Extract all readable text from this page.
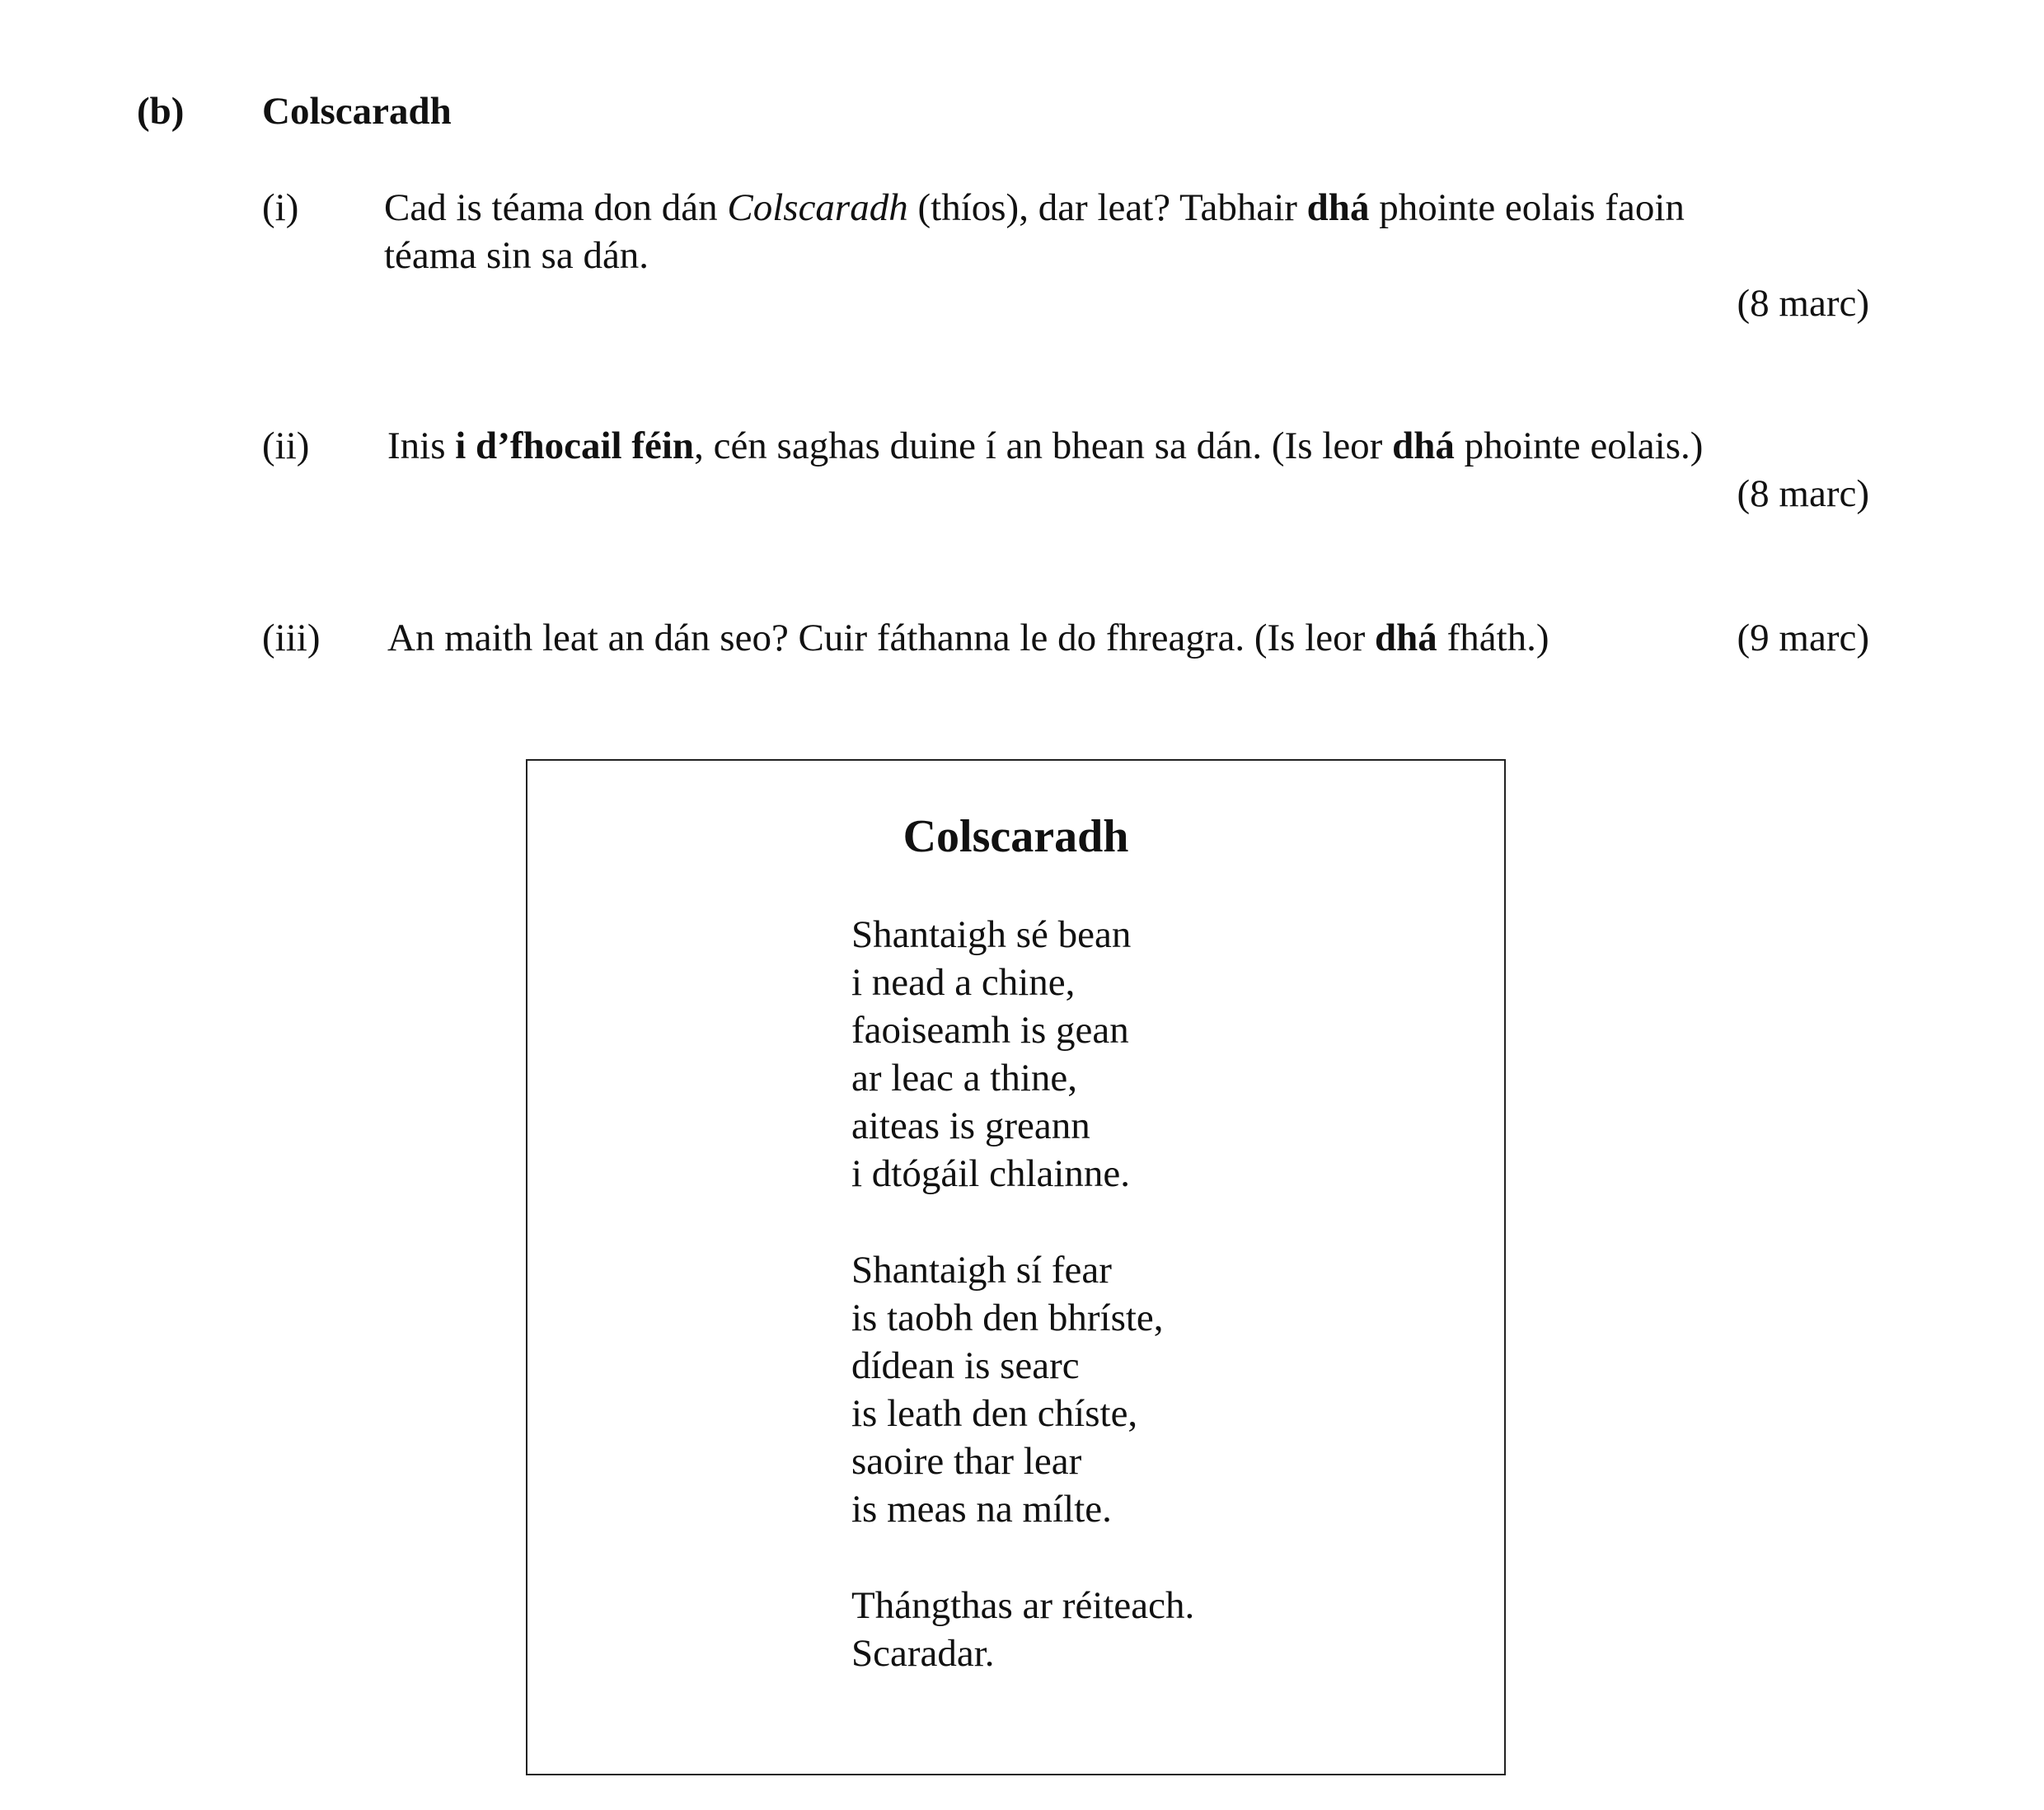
(b) Colscaradh
(i) Cad is téama don dán Colscaradh (thíos), dar leat? Tabhair dhá phointe eolais faoin
téama sin sa dán.
(8 marc)
(ii) Inis i d’fhocail féin, cén saghas duine í an bhean sa dán. (Is leor dhá phointe eolais.)
(8 marc)
(iii) An maith leat an dán seo? Cuir fáthanna le do fhreagra. (Is leor dhá fháth.)	(9 marc)
Colscaradh
Shantaigh sé bean
i nead a chine,
faoiseamh is gean
ar leac a thine,
aiteas is greann
i dtógáil chlainne.
Shantaigh sí fear
is taobh den bhríste,
dídean is searc
is leath den chíste,
saoire thar lear
is meas na mílte.
Thángthas ar réiteach.
Scaradar.
